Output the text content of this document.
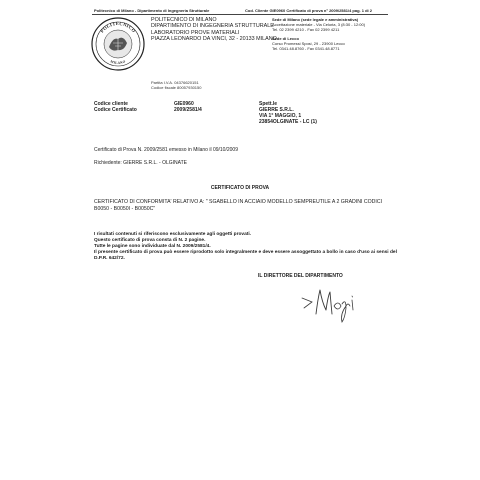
Politecnico di Milano - Dipartimento di Ingegneria Strutturale	Cod. Cliente GIE0960 Certificato di prova n° 2009/2581/4 pag. 1 di 2
POLITECNICO
MILANO
POLITECNICO DI MILANO
DIPARTIMENTO DI INGEGNERIA STRUTTURALE
LABORATORIO PROVE MATERIALI
PIAZZA LEONARDO DA VINCI, 32 - 20133 MILANO
Sede di Milano (sede legale e amministrativa)
Accettazione materiale - Via Celoria, 3 (8:30 - 12:00)
Tel. 02 2399 4210 - Fax 02 2399 4211
Sede di Lecco
Corso Promessi Sposi, 29 - 23900 Lecco
Tel. 0341.48.8760 - Fax 0341.48.8771
Partita I.V.A. 04376620151
Codice fiscale 80057930150
Codice cliente	GIE0960
Codice Certificato	2009/2581/4
Spett.le
GIERRE S.R.L.
VIA 1° MAGGIO, 1
23854OLGINATE - LC (1)
Certificato di Prova N. 2009/2581 emesso in Milano il 09/10/2009
Richiedente: GIERRE S.R.L. - OLGINATE
CERTIFICATO DI PROVA
CERTIFICATO DI CONFORMITA' RELATIVO A: " SGABELLO IN ACCIAIO MODELLO SEMPREUTILE A 2 GRADINI CODICI B0050 - B0050I - B0050C"
I risultati contenuti si riferiscono esclusivamente agli oggetti provati.
Questo certificato di prova consta di N. 2 pagine.
Tutte le pagine sono individuate dal N. 2009/2581/4.
Il presente certificato di prova può essere riprodotto solo integralmente e deve essere assoggettato a bollo in caso d'uso ai sensi del D.P.R. 642/72.
IL DIRETTORE DEL DIPARTIMENTO
